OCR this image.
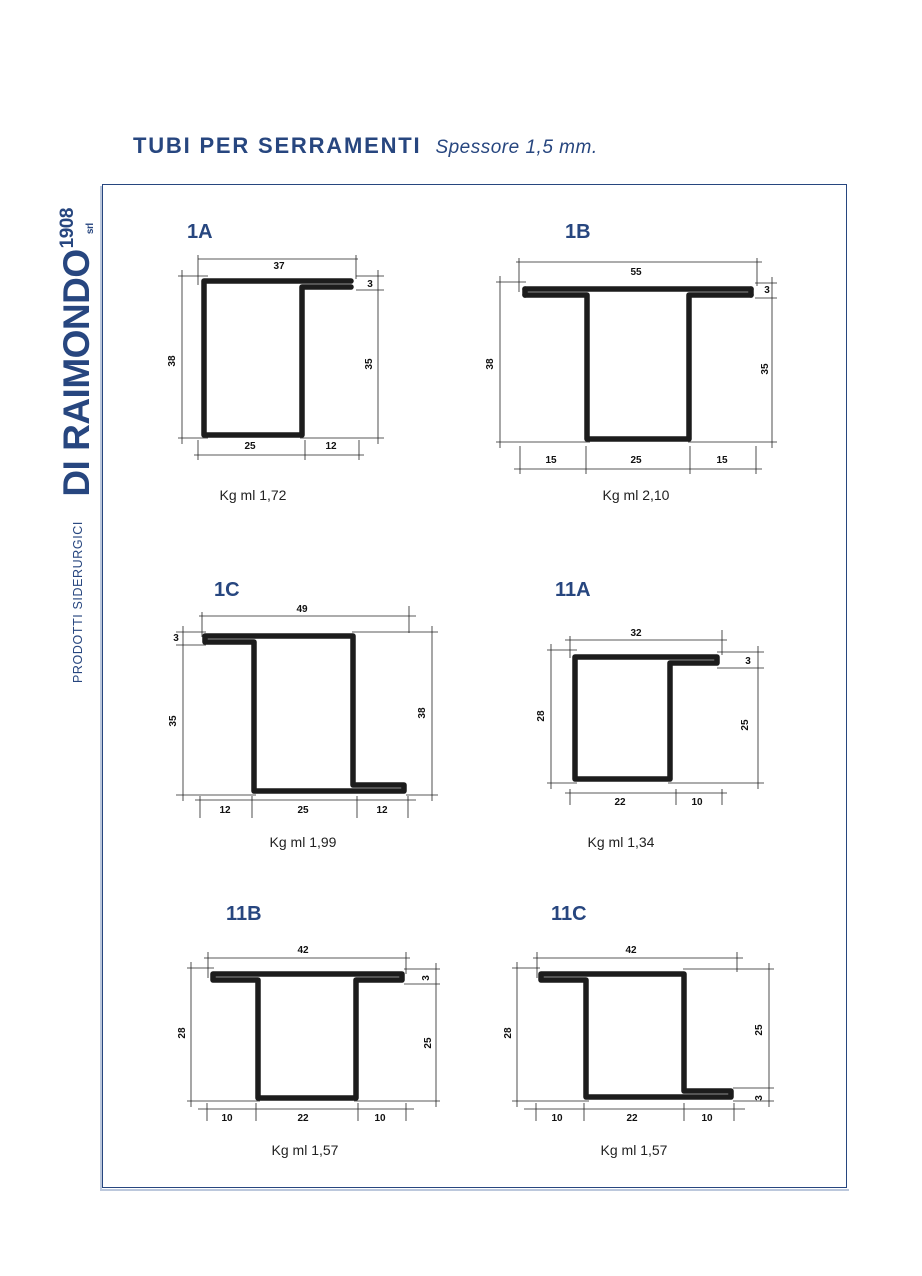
TUBI PER SERRAMENTI Spessore 1,5 mm.
DI $RAIMONDO^{1908}$ srl
PRODOTTI SIDERURGICI
1A
37
38
3
35
25	12
Kg ml 1,72
1B
55
38
3
35
15	25	15
Kg ml 2,10
1C
49
3
35
38
12	25	12
Kg ml 1,99
11A
32
28
3
25
22	10
Kg ml 1,34
11B
42
28
3
25
10	22	10
Kg ml 1,57
11C
42
28	25
3
10	22	10
Kg ml 1,57
